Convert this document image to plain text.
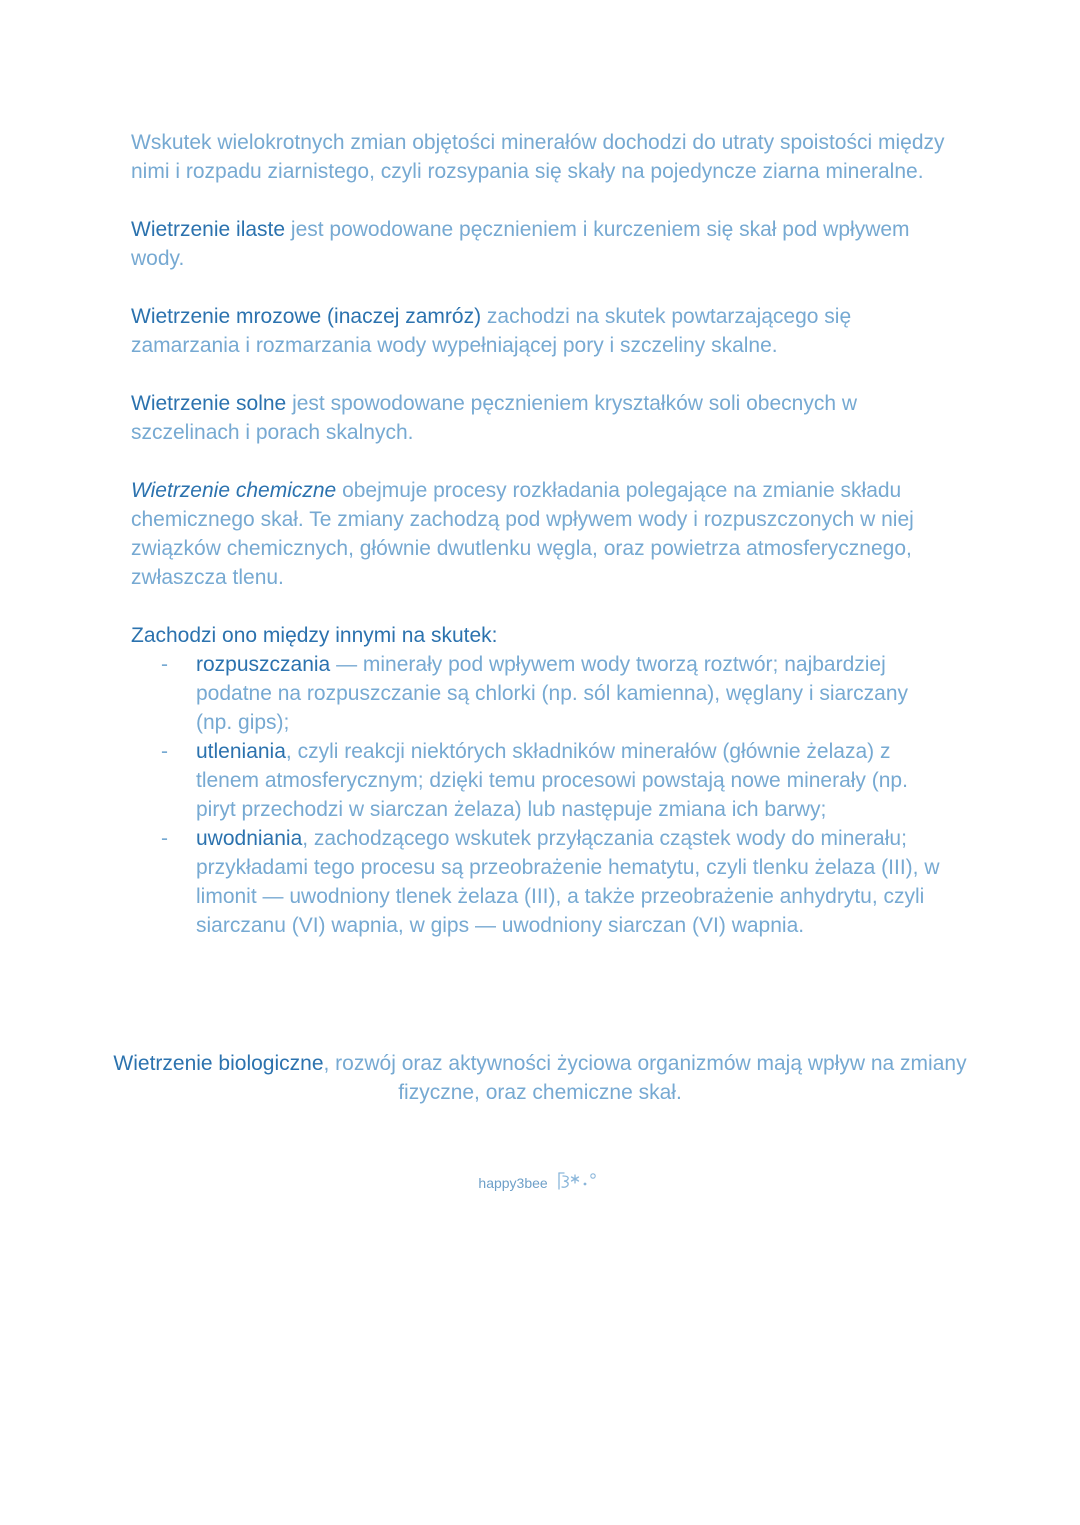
Wskutek wielokrotnych zmian objętości minerałów dochodzi do utraty spoistości między nimi i rozpadu ziarnistego, czyli rozsypania się skały na pojedyncze ziarna mineralne.

Wietrzenie ilaste jest powodowane pęcznieniem i kurczeniem się skał pod wpływem wody.

Wietrzenie mrozowe (inaczej zamróz) zachodzi na skutek powtarzającego się zamarzania i rozmarzania wody wypełniającej pory i szczeliny skalne.

Wietrzenie solne jest spowodowane pęcznieniem kryształków soli obecnych w szczelinach i porach skalnych.

Wietrzenie chemiczne obejmuje procesy rozkładania polegające na zmianie składu chemicznego skał. Te zmiany zachodzą pod wpływem wody i rozpuszczonych w niej związków chemicznych, głównie dwutlenku węgla, oraz powietrza atmosferycznego, zwłaszcza tlenu.

Zachodzi ono między innymi na skutek:

- rozpuszczania — minerały pod wpływem wody tworzą roztwór; najbardziej podatne na rozpuszczanie są chlorki (np. sól kamienna), węglany i siarczany (np. gips);
- utleniania, czyli reakcji niektórych składników minerałów (głównie żelaza) z tlenem atmosferycznym; dzięki temu procesowi powstają nowe minerały (np. piryt przechodzi w siarczan żelaza) lub następuje zmiana ich barwy;
- uwodniania, zachodzącego wskutek przyłączania cząstek wody do minerału; przykładami tego procesu są przeobrażenie hematytu, czyli tlenku żelaza (III), w limonit — uwodniony tlenek żelaza (III), a także przeobrażenie anhydrytu, czyli siarczanu (VI) wapnia, w gips — uwodniony siarczan (VI) wapnia.

Wietrzenie biologiczne, rozwój oraz aktywności życiowa organizmów mają wpływ na zmiany fizyczne, oraz chemiczne skał.

happy3bee
